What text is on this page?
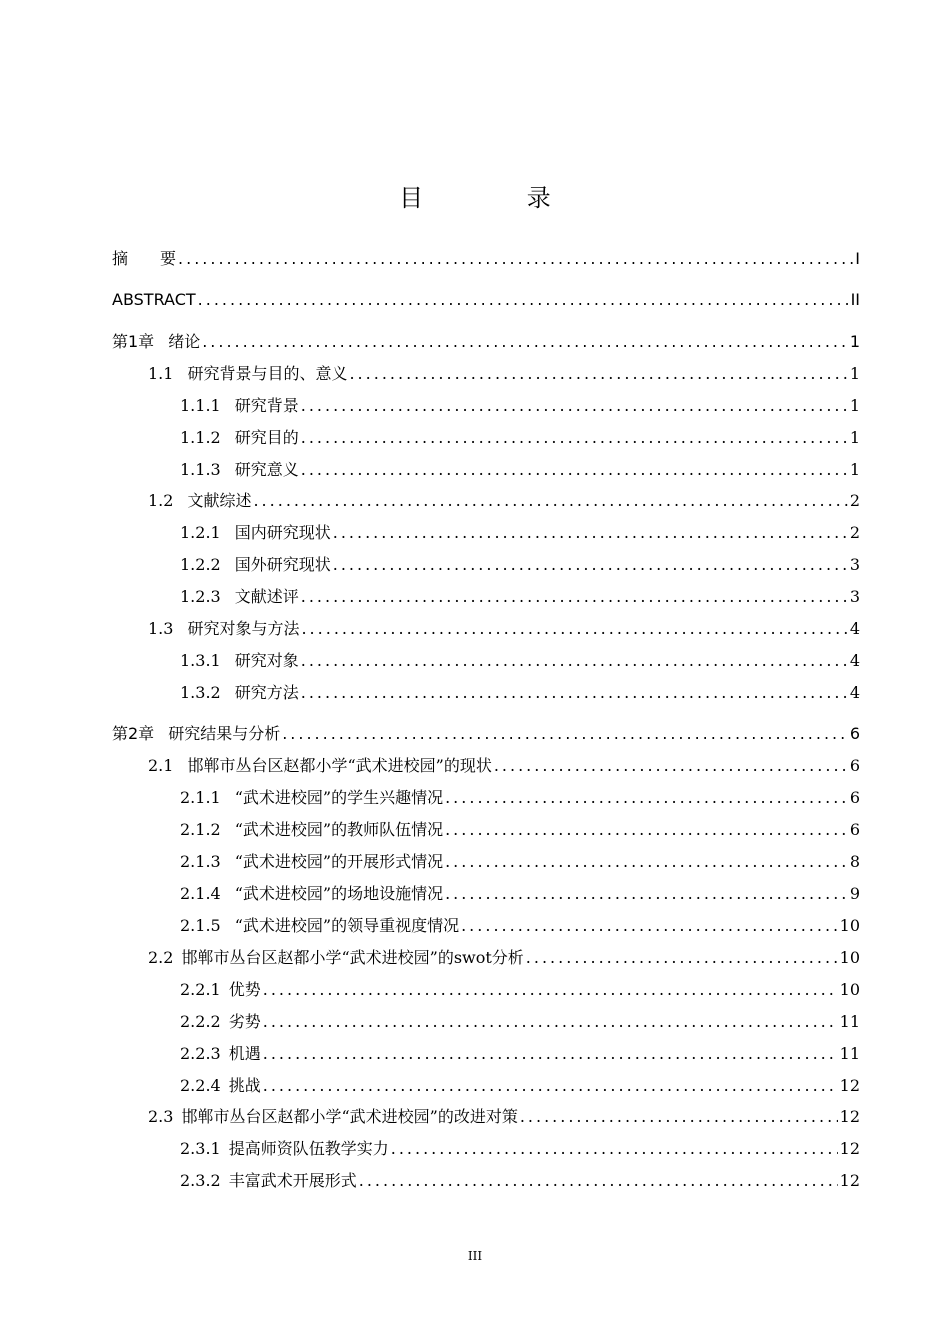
目 录
摘　　要 .....	I
ABSTRACT .....	II
第1章 绪论 .....	1
1.1 研究背景与目的、意义 .....	1
1.1.1 研究背景 .....	1
1.1.2 研究目的 .....	1
1.1.3 研究意义 .....	1
1.2 文献综述 .....	2
1.2.1 国内研究现状 .....	2
1.2.2 国外研究现状 .....	3
1.2.3 文献述评 .....	3
1.3 研究对象与方法 .....	4
1.3.1 研究对象 .....	4
1.3.2 研究方法 .....	4
第2章 研究结果与分析 .....	6
2.1 邯郸市丛台区赵都小学“武术进校园”的现状 .....	6
2.1.1 “武术进校园”的学生兴趣情况 .....	6
2.1.2 “武术进校园”的教师队伍情况 .....	6
2.1.3 “武术进校园”的开展形式情况 .....	8
2.1.4 “武术进校园”的场地设施情况 .....	9
2.1.5 “武术进校园”的领导重视度情况 .....	10
2.2 邯郸市丛台区赵都小学“武术进校园”的swot分析 .....	10
2.2.1 优势 .....	10
2.2.2 劣势 .....	11
2.2.3 机遇 .....	11
2.2.4 挑战 .....	12
2.3 邯郸市丛台区赵都小学“武术进校园”的改进对策 .....	12
2.3.1 提高师资队伍教学实力 .....	12
2.3.2 丰富武术开展形式 .....	12
III
